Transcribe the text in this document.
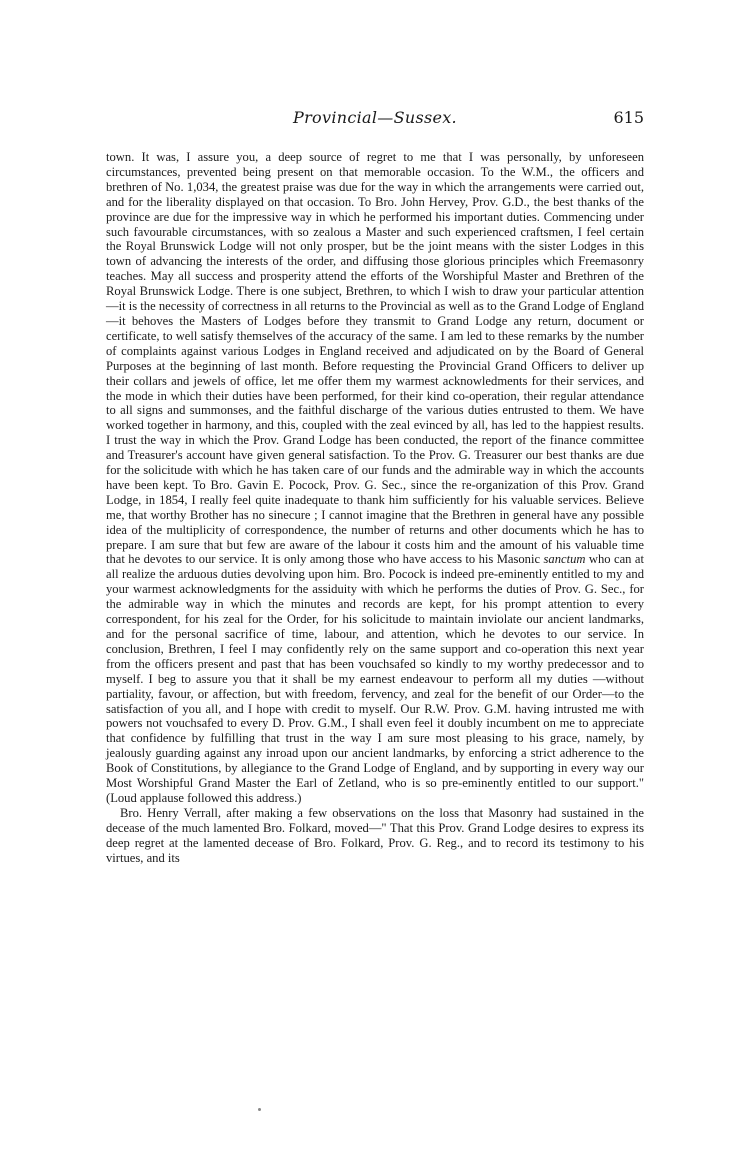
Provincial—Sussex.	615

town. It was, I assure you, a deep source of regret to me that I was personally, by unforeseen circumstances, prevented being present on that memorable occasion. To the W.M., the officers and brethren of No. 1,034, the greatest praise was due for the way in which the arrangements were carried out, and for the liberality displayed on that occasion. To Bro. John Hervey, Prov. G.D., the best thanks of the province are due for the impressive way in which he performed his important duties. Commencing under such favourable circumstances, with so zealous a Master and such experienced craftsmen, I feel certain the Royal Brunswick Lodge will not only prosper, but be the joint means with the sister Lodges in this town of advancing the interests of the order, and diffusing those glorious principles which Freemasonry teaches. May all success and prosperity attend the efforts of the Worshipful Master and Brethren of the Royal Brunswick Lodge. There is one subject, Brethren, to which I wish to draw your particular attention—it is the necessity of correctness in all returns to the Provincial as well as to the Grand Lodge of England—it behoves the Masters of Lodges before they transmit to Grand Lodge any return, document or certificate, to well satisfy themselves of the accuracy of the same. I am led to these remarks by the number of complaints against various Lodges in England received and adjudicated on by the Board of General Purposes at the beginning of last month. Before requesting the Provincial Grand Officers to deliver up their collars and jewels of office, let me offer them my warmest acknowledments for their services, and the mode in which their duties have been performed, for their kind co-operation, their regular attendance to all signs and summonses, and the faithful discharge of the various duties entrusted to them. We have worked together in harmony, and this, coupled with the zeal evinced by all, has led to the happiest results. I trust the way in which the Prov. Grand Lodge has been conducted, the report of the finance committee and Treasurer's account have given general satisfaction. To the Prov. G. Treasurer our best thanks are due for the solicitude with which he has taken care of our funds and the admirable way in which the accounts have been kept. To Bro. Gavin E. Pocock, Prov. G. Sec., since the re-organization of this Prov. Grand Lodge, in 1854, I really feel quite inadequate to thank him sufficiently for his valuable services. Believe me, that worthy Brother has no sinecure ; I cannot imagine that the Brethren in general have any possible idea of the multiplicity of correspondence, the number of returns and other documents which he has to prepare. I am sure that but few are aware of the labour it costs him and the amount of his valuable time that he devotes to our service. It is only among those who have access to his Masonic sanctum who can at all realize the arduous duties devolving upon him. Bro. Pocock is indeed pre-eminently entitled to my and your warmest acknowledgments for the assiduity with which he performs the duties of Prov. G. Sec., for the admirable way in which the minutes and records are kept, for his prompt attention to every correspondent, for his zeal for the Order, for his solicitude to maintain inviolate our ancient landmarks, and for the personal sacrifice of time, labour, and attention, which he devotes to our service. In conclusion, Brethren, I feel I may confidently rely on the same support and co-operation this next year from the officers present and past that has been vouchsafed so kindly to my worthy predecessor and to myself. I beg to assure you that it shall be my earnest endeavour to perform all my duties —without partiality, favour, or affection, but with freedom, fervency, and zeal for the benefit of our Order—to the satisfaction of you all, and I hope with credit to myself. Our R.W. Prov. G.M. having intrusted me with powers not vouchsafed to every D. Prov. G.M., I shall even feel it doubly incumbent on me to appreciate that confidence by fulfilling that trust in the way I am sure most pleasing to his grace, namely, by jealously guarding against any inroad upon our ancient landmarks, by enforcing a strict adherence to the Book of Constitutions, by allegiance to the Grand Lodge of England, and by supporting in every way our Most Worshipful Grand Master the Earl of Zetland, who is so pre-eminently entitled to our support." (Loud applause followed this address.)

Bro. Henry Verrall, after making a few observations on the loss that Masonry had sustained in the decease of the much lamented Bro. Folkard, moved—" That this Prov. Grand Lodge desires to express its deep regret at the lamented decease of Bro. Folkard, Prov. G. Reg., and to record its testimony to his virtues, and its
